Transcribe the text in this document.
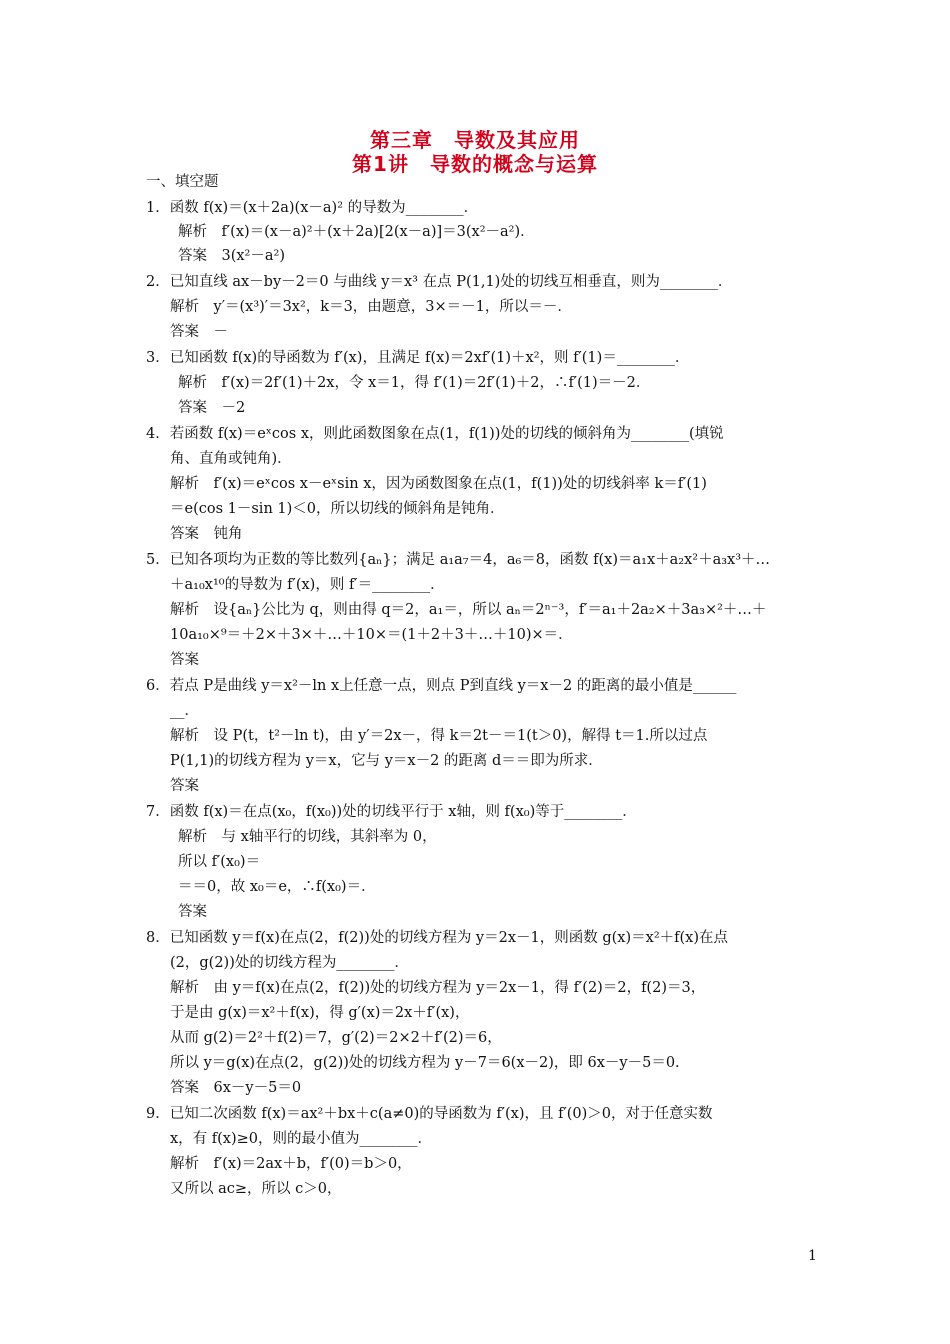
第三章　导数及其应用
第1讲　导数的概念与运算
一、填空题
1．函数 f(x)＝(x＋2a)(x－a)² 的导数为________．
解析　f′(x)＝(x－a)²＋(x＋2a)[2(x－a)]＝3(x²－a²)．
答案　3(x²－a²)
2．已知直线 ax－by－2＝0 与曲线 y＝x³ 在点 P(1,1)处的切线互相垂直，则为________．
解析　y′＝(x³)′＝3x²，k＝3，由题意，3×＝－1，所以＝－．
答案　－
3．已知函数 f(x)的导函数为 f′(x)，且满足 f(x)＝2xf′(1)＋x²，则 f′(1)＝________．
解析　f′(x)＝2f′(1)＋2x，令 x＝1，得 f′(1)＝2f′(1)＋2，∴f′(1)＝－2．
答案　－2
4．若函数 f(x)＝eˣcos x，则此函数图象在点(1，f(1))处的切线的倾斜角为________(填锐
角、直角或钝角)．
解析　f′(x)＝eˣcos x－eˣsin x，因为函数图象在点(1，f(1))处的切线斜率 k＝f′(1)
＝e(cos 1－sin 1)＜0，所以切线的倾斜角是钝角．
答案　钝角
5．已知各项均为正数的等比数列{aₙ}；满足 a₁a₇＝4，a₆＝8，函数 f(x)＝a₁x＋a₂x²＋a₃x³＋…
＋a₁₀x¹⁰的导数为 f′(x)，则 f′＝________．
解析　设{aₙ}公比为 q，则由得 q＝2，a₁＝，所以 aₙ＝2ⁿ⁻³，f′＝a₁＋2a₂×＋3a₃×²＋…＋
10a₁₀×⁹＝＋2×＋3×＋…＋10×＝(1＋2＋3＋…＋10)×＝．
答案
6．若点 P是曲线 y＝x²－ln x上任意一点，则点 P到直线 y＝x－2 的距离的最小值是______
__．
解析　设 P(t，t²－ln t)，由 y′＝2x－，得 k＝2t－＝1(t＞0)，解得 t＝1.所以过点
P(1,1)的切线方程为 y＝x，它与 y＝x－2 的距离 d＝＝即为所求．
答案
7．函数 f(x)＝在点(x₀，f(x₀))处的切线平行于 x轴，则 f(x₀)等于________．
解析　与 x轴平行的切线，其斜率为 0，
所以 f′(x₀)＝
＝＝0，故 x₀＝e，∴f(x₀)＝．
答案
8．已知函数 y＝f(x)在点(2，f(2))处的切线方程为 y＝2x－1，则函数 g(x)＝x²＋f(x)在点
(2，g(2))处的切线方程为________．
解析　由 y＝f(x)在点(2，f(2))处的切线方程为 y＝2x－1，得 f′(2)＝2，f(2)＝3，
于是由 g(x)＝x²＋f(x)，得 g′(x)＝2x＋f′(x)，
从而 g(2)＝2²＋f(2)＝7，g′(2)＝2×2＋f′(2)＝6，
所以 y＝g(x)在点(2，g(2))处的切线方程为 y－7＝6(x－2)，即 6x－y－5＝0.
答案　6x－y－5＝0
9．已知二次函数 f(x)＝ax²＋bx＋c(a≠0)的导函数为 f′(x)，且 f′(0)＞0，对于任意实数
x，有 f(x)≥0，则的最小值为________．
解析　f′(x)＝2ax＋b，f′(0)＝b＞0，
又所以 ac≥，所以 c＞0，
1
